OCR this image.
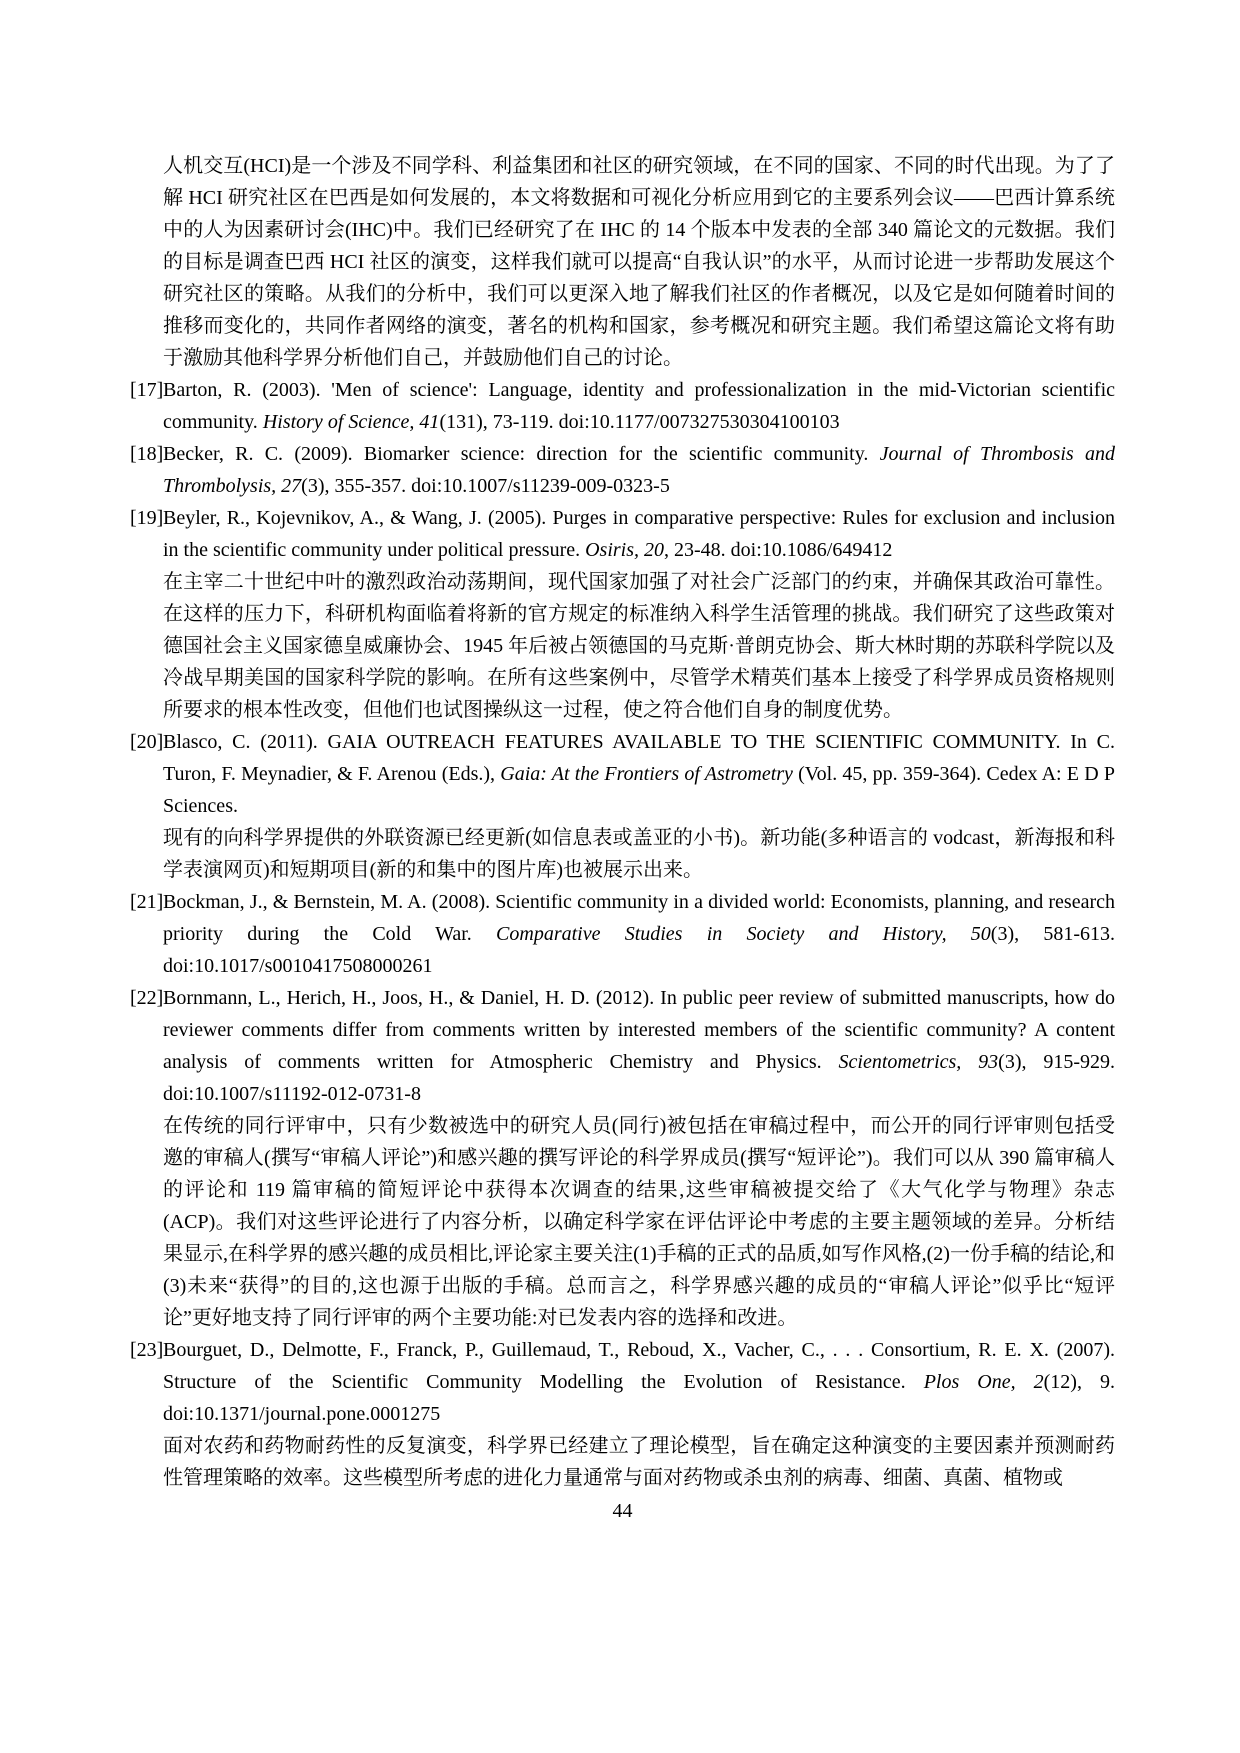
人机交互(HCI)是一个涉及不同学科、利益集团和社区的研究领域，在不同的国家、不同的时代出现。为了了解 HCI 研究社区在巴西是如何发展的，本文将数据和可视化分析应用到它的主要系列会议——巴西计算系统中的人为因素研讨会(IHC)中。我们已经研究了在 IHC 的 14 个版本中发表的全部 340 篇论文的元数据。我们的目标是调查巴西 HCI 社区的演变，这样我们就可以提高“自我认识”的水平，从而讨论进一步帮助发展这个研究社区的策略。从我们的分析中，我们可以更深入地了解我们社区的作者概况，以及它是如何随着时间的推移而变化的，共同作者网络的演变，著名的机构和国家，参考概况和研究主题。我们希望这篇论文将有助于激励其他科学界分析他们自己，并鼓励他们自己的讨论。

[17] Barton, R. (2003). 'Men of science': Language, identity and professionalization in the mid-Victorian scientific community. History of Science, 41(131), 73-119. doi:10.1177/007327530304100103

[18] Becker, R. C. (2009). Biomarker science: direction for the scientific community. Journal of Thrombosis and Thrombolysis, 27(3), 355-357. doi:10.1007/s11239-009-0323-5

[19] Beyler, R., Kojevnikov, A., & Wang, J. (2005). Purges in comparative perspective: Rules for exclusion and inclusion in the scientific community under political pressure. Osiris, 20, 23-48. doi:10.1086/649412

在主宰二十世纪中叶的激烈政治动荡期间，现代国家加强了对社会广泛部门的约束，并确保其政治可靠性。在这样的压力下，科研机构面临着将新的官方规定的标准纳入科学生活管理的挑战。我们研究了这些政策对德国社会主义国家德皇威廉协会、1945 年后被占领德国的马克斯·普朗克协会、斯大林时期的苏联科学院以及冷战早期美国的国家科学院的影响。在所有这些案例中，尽管学术精英们基本上接受了科学界成员资格规则所要求的根本性改变，但他们也试图操纵这一过程，使之符合他们自身的制度优势。

[20] Blasco, C. (2011). GAIA OUTREACH FEATURES AVAILABLE TO THE SCIENTIFIC COMMUNITY. In C. Turon, F. Meynadier, & F. Arenou (Eds.), Gaia: At the Frontiers of Astrometry (Vol. 45, pp. 359-364). Cedex A: E D P Sciences.

现有的向科学界提供的外联资源已经更新(如信息表或盖亚的小书)。新功能(多种语言的 vodcast，新海报和科学表演网页)和短期项目(新的和集中的图片库)也被展示出来。

[21] Bockman, J., & Bernstein, M. A. (2008). Scientific community in a divided world: Economists, planning, and research priority during the Cold War. Comparative Studies in Society and History, 50(3), 581-613. doi:10.1017/s0010417508000261

[22] Bornmann, L., Herich, H., Joos, H., & Daniel, H. D. (2012). In public peer review of submitted manuscripts, how do reviewer comments differ from comments written by interested members of the scientific community? A content analysis of comments written for Atmospheric Chemistry and Physics. Scientometrics, 93(3), 915-929. doi:10.1007/s11192-012-0731-8

在传统的同行评审中，只有少数被选中的研究人员(同行)被包括在审稿过程中，而公开的同行评审则包括受邀的审稿人(撰写“审稿人评论”)和感兴趣的撰写评论的科学界成员(撰写“短评论”)。我们可以从 390 篇审稿人的评论和 119 篇审稿的简短评论中获得本次调查的结果,这些审稿被提交给了《大气化学与物理》杂志(ACP)。我们对这些评论进行了内容分析，以确定科学家在评估评论中考虑的主要主题领域的差异。分析结果显示,在科学界的感兴趣的成员相比,评论家主要关注(1)手稿的正式的品质,如写作风格,(2)一份手稿的结论,和(3)未来“获得”的目的,这也源于出版的手稿。总而言之，科学界感兴趣的成员的“审稿人评论”似乎比“短评论”更好地支持了同行评审的两个主要功能:对已发表内容的选择和改进。

[23] Bourguet, D., Delmotte, F., Franck, P., Guillemaud, T., Reboud, X., Vacher, C., . . . Consortium, R. E. X. (2007). Structure of the Scientific Community Modelling the Evolution of Resistance. Plos One, 2(12), 9. doi:10.1371/journal.pone.0001275

面对农药和药物耐药性的反复演变，科学界已经建立了理论模型，旨在确定这种演变的主要因素并预测耐药性管理策略的效率。这些模型所考虑的进化力量通常与面对药物或杀虫剂的病毒、细菌、真菌、植物或

44
